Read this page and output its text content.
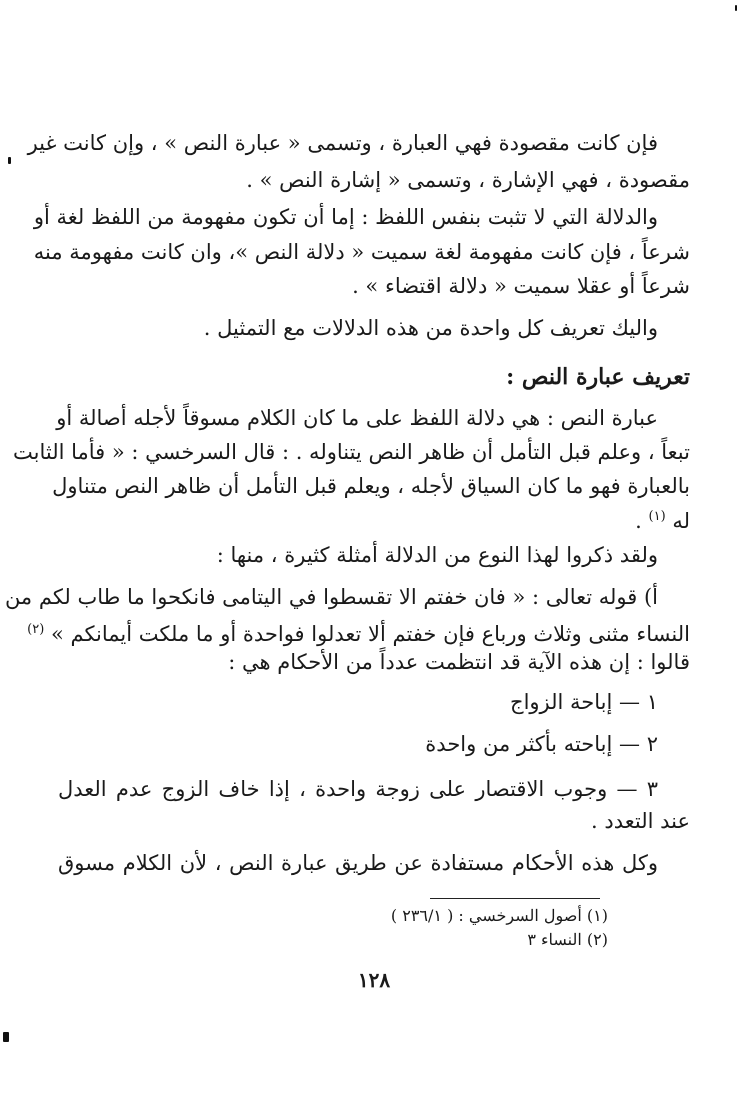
فإن كانت مقصودة فهي العبارة ، وتسمى « عبارة النص » ، وإن كانت غير
مقصودة ، فهي الإشارة ، وتسمى « إشارة النص » .
والدلالة التي لا تثبت بنفس اللفظ : إما أن تكون مفهومة من اللفظ لغة أو
شرعاً ، فإن كانت مفهومة لغة سميت « دلالة النص »، وان كانت مفهومة منه
شرعاً أو عقلا سميت « دلالة اقتضاء » .
واليك تعريف كل واحدة من هذه الدلالات مع التمثيل .
تعريف عبارة النص :
عبارة النص : هي دلالة اللفظ على ما كان الكلام مسوقاً لأجله أصالة أو
تبعاً ، وعلم قبل التأمل أن ظاهر النص يتناوله . : قال السرخسي : « فأما الثابت
بالعبارة فهو ما كان السياق لأجله ، ويعلم قبل التأمل أن ظاهر النص متناول
له $^{(١)}$ .
ولقد ذكروا لهذا النوع من الدلالة أمثلة كثيرة ، منها :
أ) قوله تعالى : « فان خفتم الا تقسطوا في اليتامى فانكحوا ما طاب لكم من
النساء مثنى وثلاث ورباع فإن خفتم ألا تعدلوا فواحدة أو ما ملكت أيمانكم » $^{(٢)}$
قالوا : إن هذه الآية قد انتظمت عدداً من الأحكام هي :
١ — إباحة الزواج
٢ — إباحته بأكثر من واحدة
٣ — وجوب الاقتصار على زوجة واحدة ، إذا خاف الزوج عدم العدل
عند التعدد .
وكل هذه الأحكام مستفادة عن طريق عبارة النص ، لأن الكلام مسوق
(١) أصول السرخسي : ( ٢٣٦/١ )
(٢) النساء ٣
١٢٨
